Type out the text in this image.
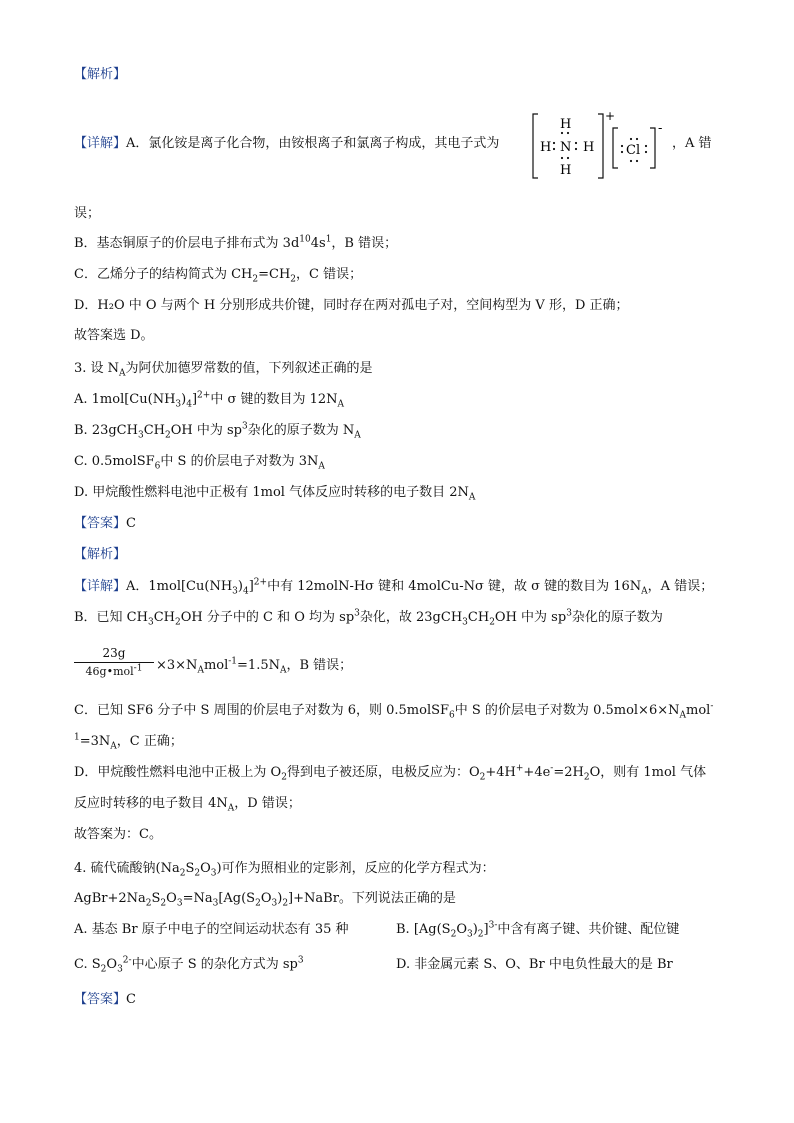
【解析】
【详解】A．氯化铵是离子化合物，由铵根离子和氯离子构成，其电子式为
H
H N H
H
+
Cl
-
，A 错
误；
B．基态铜原子的价层电子排布式为 $3d^{10}4s^1$，B 错误；
C．乙烯分子的结构简式为 $CH_2=CH_2$，C 错误；
D．H₂O 中 O 与两个 H 分别形成共价键，同时存在两对孤电子对，空间构型为 V 形，D 正确；
故答案选 D。
3. 设 $N_A$为阿伏加德罗常数的值，下列叙述正确的是
A. $1mol[Cu(NH_3)_4]^{2+}$中 σ 键的数目为 $12N_A$
B. $23gCH_3CH_2OH$ 中为 $sp^3$杂化的原子数为 $N_A$
C. 0.5molSF$_6$中 S 的价层电子对数为 $3N_A$
D. 甲烷酸性燃料电池中正极有 1mol 气体反应时转移的电子数目 $2N_A$
【答案】C
【解析】
【详解】A．$1mol[Cu(NH_3)_4]^{2+}$中有 12molN-Hσ 键和 4molCu-Nσ 键，故 σ 键的数目为 $16N_A$，A 错误；
B．已知 $CH_3CH_2OH$ 分子中的 C 和 O 均为 $sp^3$杂化，故 $23gCH_3CH_2OH$ 中为 $sp^3$杂化的原子数为
23g
46g•mol$^{-1}$	$\times 3\times N_Amol^{-1}=1.5N_A$，B 错误；
C．已知 SF6 分子中 S 周围的价层电子对数为 6，则 0.5molSF$_6$中 S 的价层电子对数为 $0.5mol\times 6\times N_Amol^-$
$^1=3N_A$，C 正确；
D．甲烷酸性燃料电池中正极上为 $O_2$得到电子被还原，电极反应为：$O_2+4H^++4e^-=2H_2O$，则有 1mol 气体
反应时转移的电子数目 $4N_A$，D 错误；
故答案为：C。
4. 硫代硫酸钠$(Na_2S_2O_3)$可作为照相业的定影剂，反应的化学方程式为：
$AgBr+2Na_2S_2O_3=Na_3[Ag(S_2O_3)_2]+NaBr$。下列说法正确的是
A. 基态 Br 原子中电子的空间运动状态有 35 种	B. $[Ag(S_2O_3)_2]^{3-}$中含有离子键、共价键、配位键
C. $S_2O_3^{2-}$中心原子 S 的杂化方式为 $sp^3$	D. 非金属元素 S、O、Br 中电负性最大的是 Br
【答案】C
